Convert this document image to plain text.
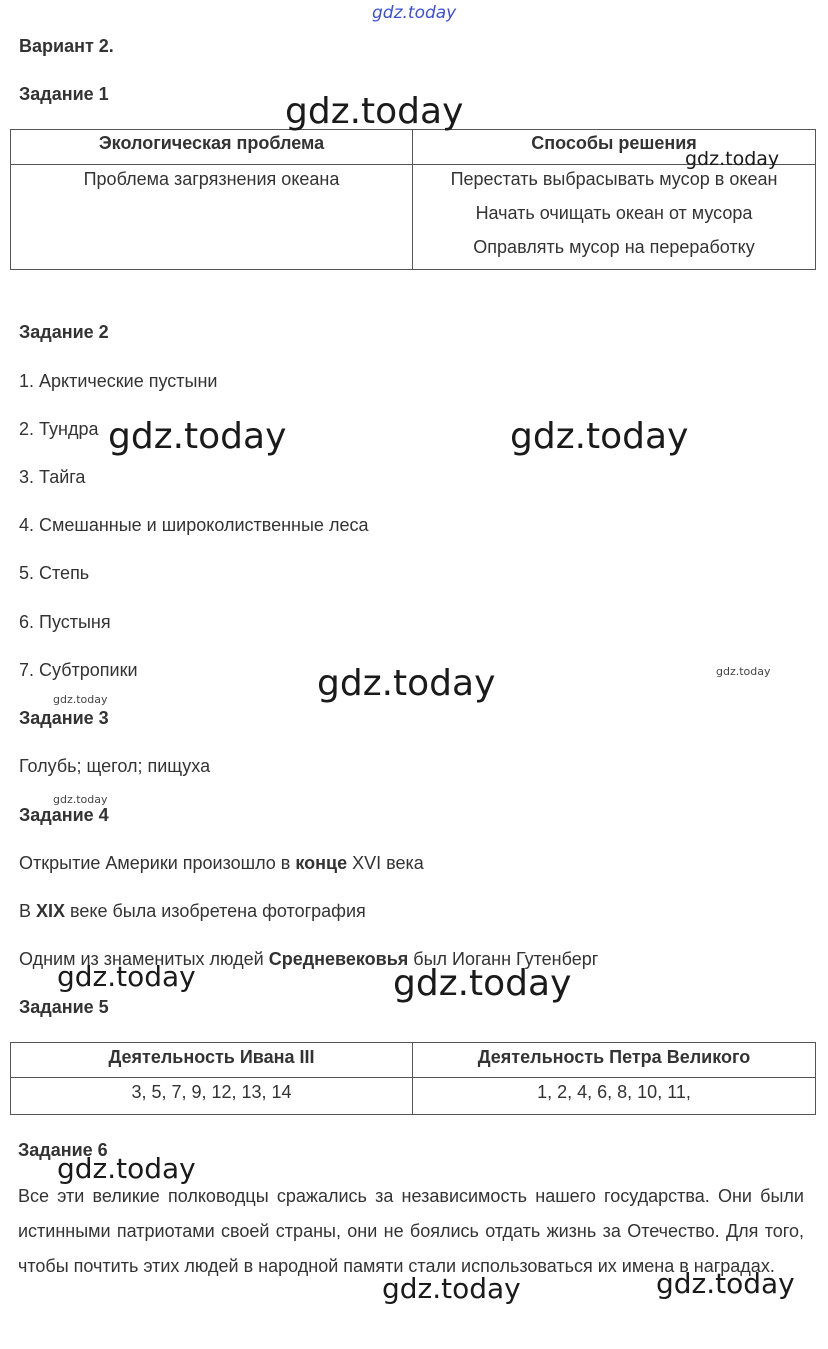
gdz.today
Вариант 2.
Задание 1
Экологическая проблема	Способы решения

Проблема загрязнения океана	Перестать выбрасывать мусор в океан
Начать очищать океан от мусора
Оправлять мусор на переработку
Задание 2
1. Арктические пустыни
2. Тундра
3. Тайга
4. Смешанные и широколиственные леса
5. Степь
6. Пустыня
7. Субтропики
Задание 3
Голубь; щегол; пищуха
Задание 4
Открытие Америки произошло в конце XVI века
В XIX веке была изобретена фотография
Одним из знаменитых людей Средневековья был Иоганн Гутенберг
Задание 5
Деятельность Ивана III	Деятельность Петра Великого
3, 5, 7, 9, 12, 13, 14	1, 2, 4, 6, 8, 10, 11,
Задание 6
Все эти великие полководцы сражались за независимость нашего государства. Они были истинными патриотами своей страны, они не боялись отдать жизнь за Отечество. Для того, чтобы почтить этих людей в народной памяти стали использоваться их имена в наградах.
gdz.today
gdz.today
gdz.today	gdz.today
gdz.today	gdz.today
gdz.today
gdz.today
gdz.today	gdz.today
gdz.today
gdz.today	gdz.today
